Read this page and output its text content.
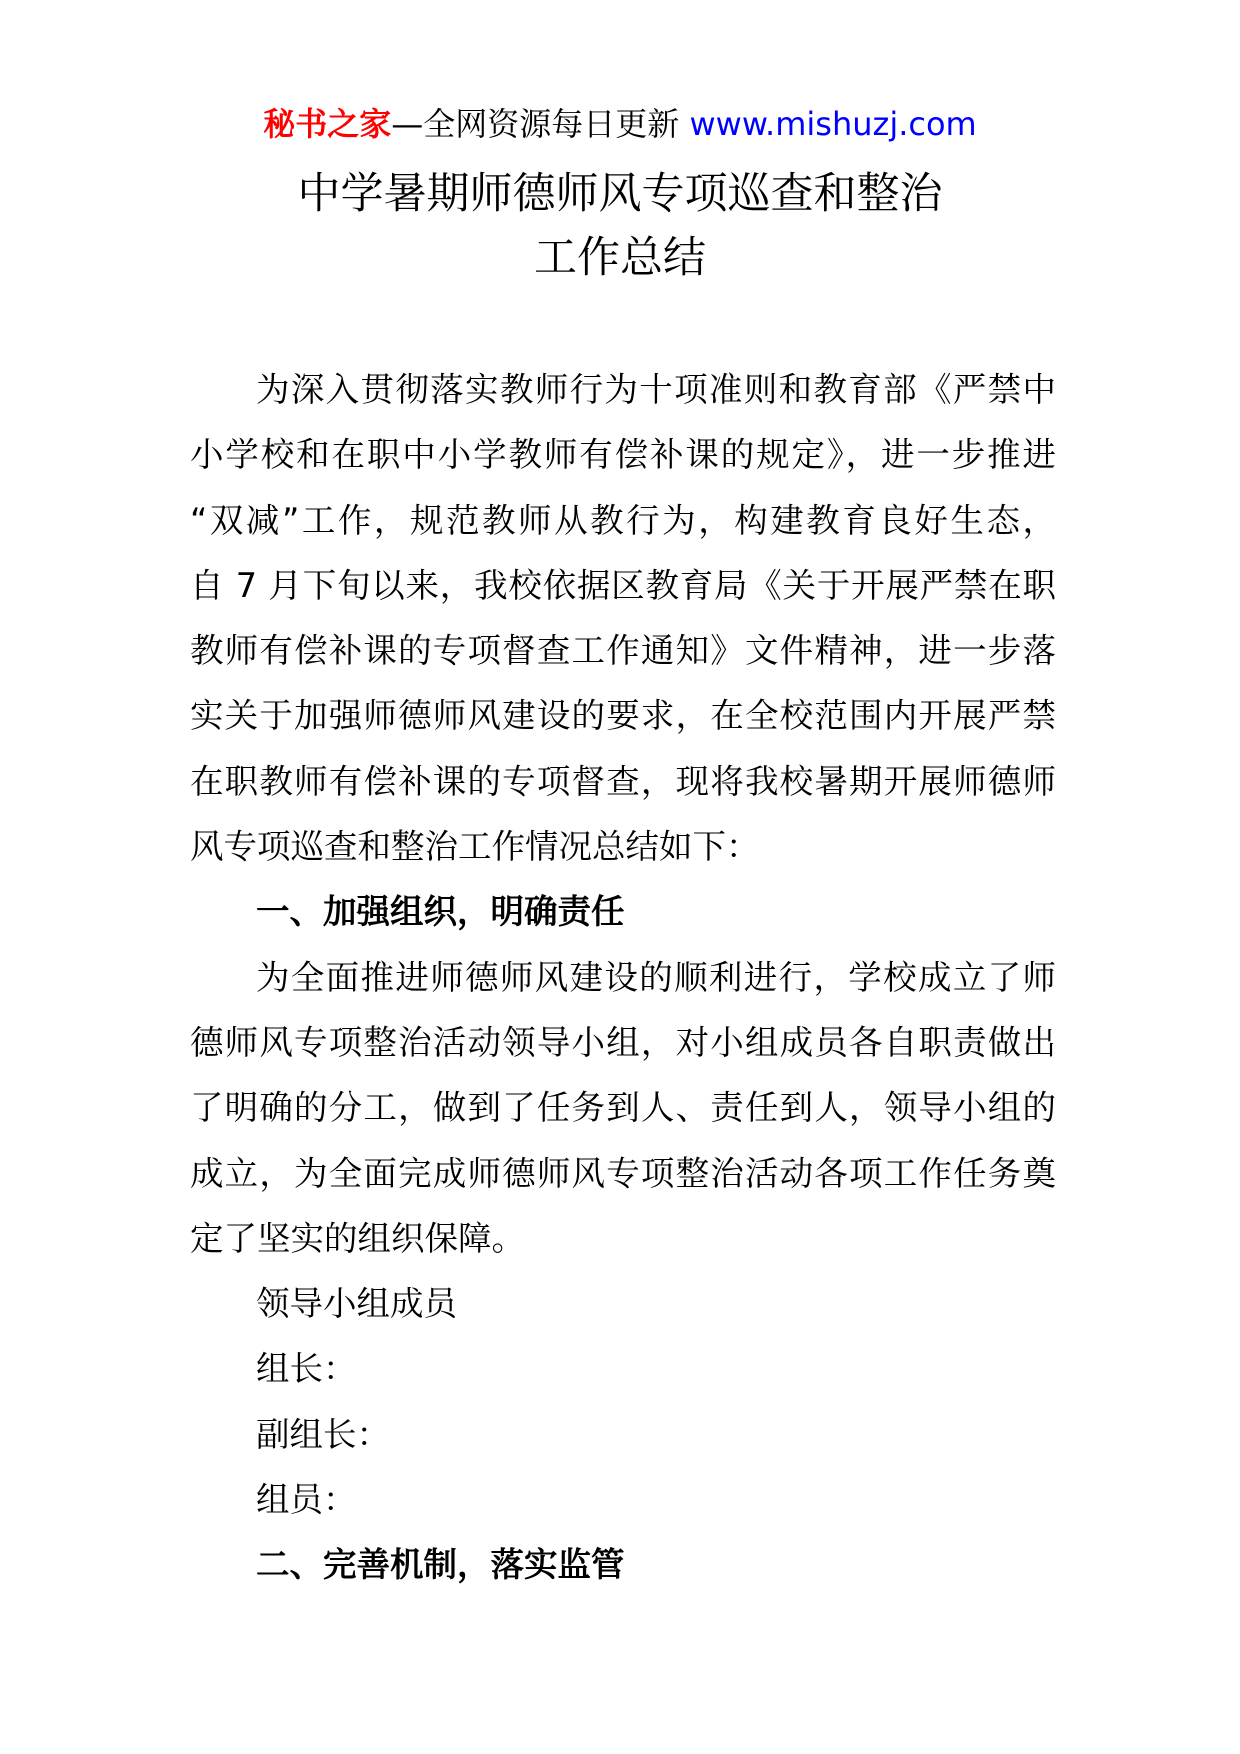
秘书之家—全网资源每日更新 www.mishuzj.com
中学暑期师德师风专项巡查和整治
工作总结
为深入贯彻落实教师行为十项准则和教育部《严禁中
小学校和在职中小学教师有偿补课的规定》，进一步推进
“双减”工作，规范教师从教行为，构建教育良好生态，
自 7 月下旬以来，我校依据区教育局《关于开展严禁在职
教师有偿补课的专项督查工作通知》文件精神，进一步落
实关于加强师德师风建设的要求，在全校范围内开展严禁
在职教师有偿补课的专项督查，现将我校暑期开展师德师
风专项巡查和整治工作情况总结如下：
一、加强组织，明确责任
为全面推进师德师风建设的顺利进行，学校成立了师
德师风专项整治活动领导小组，对小组成员各自职责做出
了明确的分工，做到了任务到人、责任到人，领导小组的
成立，为全面完成师德师风专项整治活动各项工作任务奠
定了坚实的组织保障。
领导小组成员
组长：
副组长：
组员：
二、完善机制，落实监管
